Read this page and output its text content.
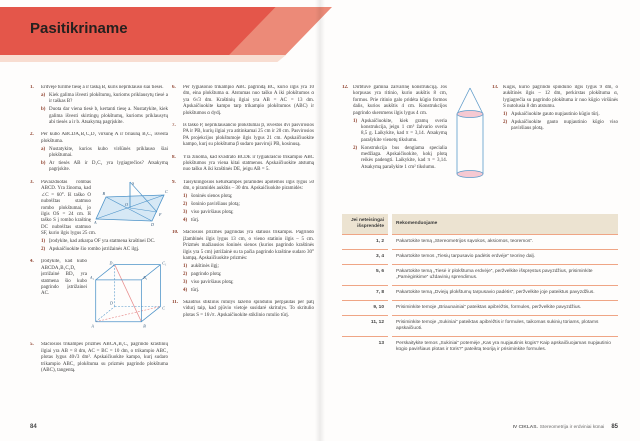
Pasitikriname
1. Erdvėje turime tiesę a ir tašką B, kuris nepriklauso šiai tiesei.

a) Kiek galima išvesti plokštumų, kurioms priklausytų tiesė a ir taškas B?

b) Duota dar viena tiesė b, kertanti tiesę a. Nustatykite, kiek galima išvesti skirtingų plokštumų, kurioms priklausytų abi tiesės a ir b. Atsakymą pagrįskite.

2. Per kubo ABCDA₁B₁C₁D₁ viršūnę A ir briauną B₁C₁ išvesta plokštuma.

a) Nustatykite, kurios kubo viršūnės priklauso šiai plokštumai.

b) Ar tiesės AB ir D₁C₁ yra lygiagrečios? Atsakymą pagrįskite.

3.	S
B	C
A	D
O
F

Pavaizduotas rombas ABCD. Yra žinoma, kad ∠C = 60°. Iš taško O nubrėžtas statmuo rombo plokštumai, jo ilgis OS = 24 cm. Iš taško S į rombo kraštinę DC nubrėžtas statmuo SF, kurio ilgis lygus 25 cm.

1) Įrodykite, kad atkarpa OF yra statmena kraštinei DC.

2) Apskaičiuokite šio rombo įstrižainės AC ilgį.

4.	D₁	C₁
A₁	B₁
D
C
A	B

Įrodykite, kad kubo ABCDA₁B₁C₁D₁ įstrižainė BD₁ yra statmena šio kubo pagrindo įstrižainei AC.

5. Stačiosios trikampės prizmės ABCA₁B₁C₁ pagrindo kraštinių ilgiai yra AB = 8 dm, AC = BC = 10 dm, o trikampio ABC₁ plotas lygus 40√3 dm². Apskaičiuokite kampo, kurį sudaro trikampio ABC₁ plokštuma su prizmės pagrindo plokštuma (ABC), tangentą.

6. Per lygiašonio trikampio ABC pagrindą BC, kurio ilgis yra 10 dm, eina plokštuma α. Atstumas nuo taško A iki plokštumos α yra 6√3 dm. Kraštinių ilgiai yra AB = AC = 13 dm. Apskaičiuokite kampo tarp trikampio plokštumos (ABC) ir plokštumos α dydį.

7. Iš taško P, nepriklausančio plokštumai β, išvestos dvi pasvirosios PA ir PB, kurių ilgiai yra atitinkamai 25 cm ir 20 cm. Pasvirosios PA projekcijos plokštumoje ilgis lygus 21 cm. Apskaičiuokite kampo, kurį su plokštuma β sudaro pasviroji PB, kosinusą.

8. Yra žinoma, kad kvadrato BCDE ir lygiakraščio trikampio ABC plokštumos yra viena kitai statmenos. Apskaičiuokite atstumą nuo taško A iki kraštinės DE, jeigu AB = 5.

9. Taisyklingosios keturkampės piramidės apotemos ilgis lygus 50 dm, o piramidės aukštis – 30 dm. Apskaičiuokite piramidės:

1) šoninės sienos plotą;

2) šoninio paviršiaus plotą;

3) viso paviršiaus plotą;

4) tūrį.

10. Stačiosios prizmės pagrindas yra statusis trikampis. Pagrindo įžambinės ilgis lygus 13 cm, o vieno statinio ilgis – 5 cm. Prizmės mažiausios šoninės sienos (kurios pagrindo kraštinės ilgis yra 5 cm) įstrižainė su ta pačia pagrindo kraštine sudaro 30° kampą. Apskaičiuokite prizmės:

1) aukštinės ilgį;

2) pagrindo plotą;

3) viso paviršiaus plotą;

4) tūrį.

11. Skaidrus stiklinis rutulys lazerio spinduliu perpjautas per patį vidurį taip, kad pjūvio vietoje susidarė skritulys. To skritulio plotas S = 16√π. Apskaičiuokite stiklinio rutulio tūrį.

12. Dirbtuvė gamina žalvarinę konstrukciją. Jos korpusas yra ritinio, kurio aukštis 8 cm, formos. Prie ritinio galo pridėta kūgio formos dalis, kurios aukštis 4 cm. Konstrukcijos pagrindo skersmens ilgis lygus 4 cm.

1) Apskaičiuokite, kiek gramų sveria konstrukcija, jeigu 1 cm³ žalvario sveria 8,5 g. Laikykite, kad π = 3,14. Atsakymą parašykite vienetų tikslumu.

2) Konstrukcija bus dengiama specialia medžiaga. Apskaičiuokite, kokį plotą reikės padengti. Laikykite, kad π = 3,14. Atsakymą parašykite 1 cm² tikslumu.

13. Kūgis, kurio pagrindo spindulio ilgis lygus 9 dm, o aukštinės ilgis – 12 dm, perkirstas plokštuma α, lygiagrečia su pagrindo plokštuma ir nuo kūgio viršūnės S nutolusia 8 dm atstumu.

1) Apskaičiuokite gauto nupjautinio kūgio tūrį.

2) Apskaičiuokite gauto nupjautinio kūgio viso paviršiaus plotą.

Jei neteisingai išsprendėte
Rekomenduojame
1, 2	Pakartokite temą „Stereometrijos sąvokos, aksiomos, teoremos“.
3, 4	Pakartokite temos „Tiesių tarpusavio padėtis erdvėje“ teorinę dalį.
5, 6	Pakartokite temą „Tiesė ir plokštuma erdvėje“, peržvelkite išspręstus pavyzdžius, prisiminkite „Pamėginkime“ uždavinių sprendimus.
7, 8	Pakartokite temą „Dviejų plokštumų tarpusavio padėtis“, peržvelkite joje pateiktus pavyzdžius.
9, 10	Prisiminkite temoje „Briaunainiai“ pateiktas apibrėžtis, formules, peržvelkite pavyzdžius.
11, 12	Prisiminkite temoje „Sukiniai“ pateiktas apibrėžtis ir formules, taikomas sukinių tūriams, plotams apskaičiuoti.
13	Perskaitykite temos „Sukiniai“ potemėje „Kas yra nupjautinis kūgis? Kaip apskaičiuojamas nupjautinio kūgio paviršiaus plotas ir tūris?“ pateiktą teoriją ir prisiminkite formules.
84	IV CIKLAS. Stereometrija ir erdviniai kūnai 85
